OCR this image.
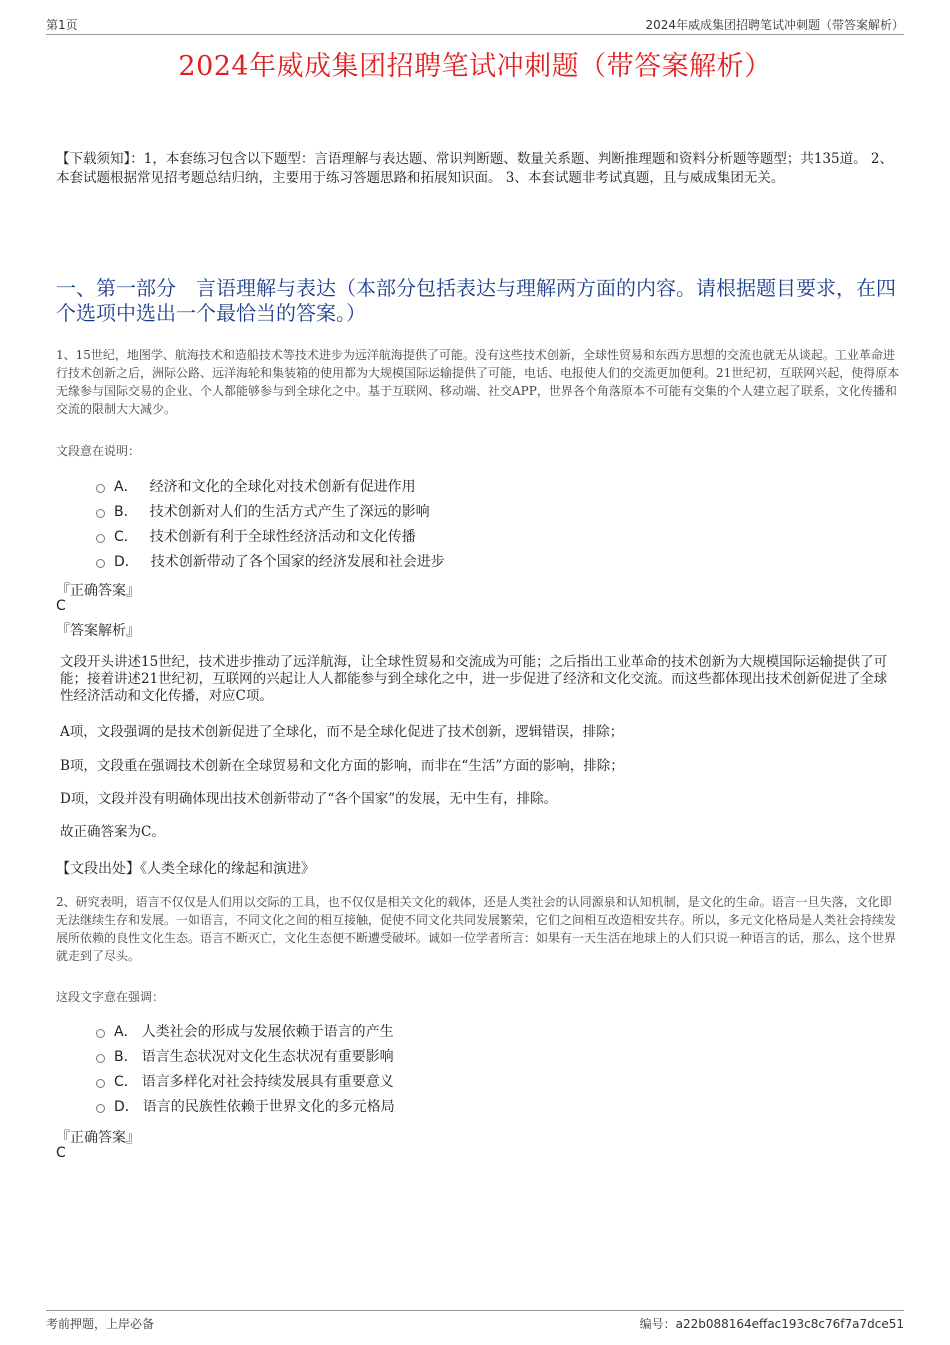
第1页	2024年威成集团招聘笔试冲刺题（带答案解析）
2024年威成集团招聘笔试冲刺题（带答案解析）
【下载须知】：1，本套练习包含以下题型：言语理解与表达题、常识判断题、数量关系题、判断推理题和资料分析题等题型；共135道。 2、本套试题根据常见招考题总结归纳，主要用于练习答题思路和拓展知识面。 3、本套试题非考试真题，且与威成集团无关。
一、第一部分　言语理解与表达（本部分包括表达与理解两方面的内容。请根据题目要求，在四个选项中选出一个最恰当的答案。）
1、15世纪，地图学、航海技术和造船技术等技术进步为远洋航海提供了可能。没有这些技术创新，全球性贸易和东西方思想的交流也就无从谈起。工业革命进行技术创新之后，洲际公路、远洋海轮和集装箱的使用都为大规模国际运输提供了可能，电话、电报使人们的交流更加便利。21世纪初，互联网兴起，使得原本无缘参与国际交易的企业、个人都能够参与到全球化之中。基于互联网、移动端、社交APP，世界各个角落原本不可能有交集的个人建立起了联系，文化传播和交流的限制大大减少。
文段意在说明：
A． 经济和文化的全球化对技术创新有促进作用
B． 技术创新对人们的生活方式产生了深远的影响
C． 技术创新有利于全球性经济活动和文化传播
D． 技术创新带动了各个国家的经济发展和社会进步
『正确答案』
C
『答案解析』
文段开头讲述15世纪，技术进步推动了远洋航海，让全球性贸易和交流成为可能；之后指出工业革命的技术创新为大规模国际运输提供了可能；接着讲述21世纪初，互联网的兴起让人人都能参与到全球化之中，进一步促进了经济和文化交流。而这些都体现出技术创新促进了全球性经济活动和文化传播，对应C项。
A项，文段强调的是技术创新促进了全球化，而不是全球化促进了技术创新，逻辑错误，排除；
B项，文段重在强调技术创新在全球贸易和文化方面的影响，而非在“生活”方面的影响，排除；
D项，文段并没有明确体现出技术创新带动了“各个国家”的发展，无中生有，排除。
故正确答案为C。
【文段出处】《人类全球化的缘起和演进》
2、研究表明，语言不仅仅是人们用以交际的工具，也不仅仅是相关文化的载体，还是人类社会的认同源泉和认知机制，是文化的生命。语言一旦失落，文化即无法继续生存和发展。一如语言，不同文化之间的相互接触，促使不同文化共同发展繁荣，它们之间相互改造相安共存。所以，多元文化格局是人类社会持续发展所依赖的良性文化生态。语言不断灭亡，文化生态便不断遭受破坏。诚如一位学者所言：如果有一天生活在地球上的人们只说一种语言的话，那么，这个世界就走到了尽头。
这段文字意在强调：
A． 人类社会的形成与发展依赖于语言的产生
B． 语言生态状况对文化生态状况有重要影响
C． 语言多样化对社会持续发展具有重要意义
D． 语言的民族性依赖于世界文化的多元格局
『正确答案』
C
考前押题，上岸必备	编号：a22b088164effac193c8c76f7a7dce51
